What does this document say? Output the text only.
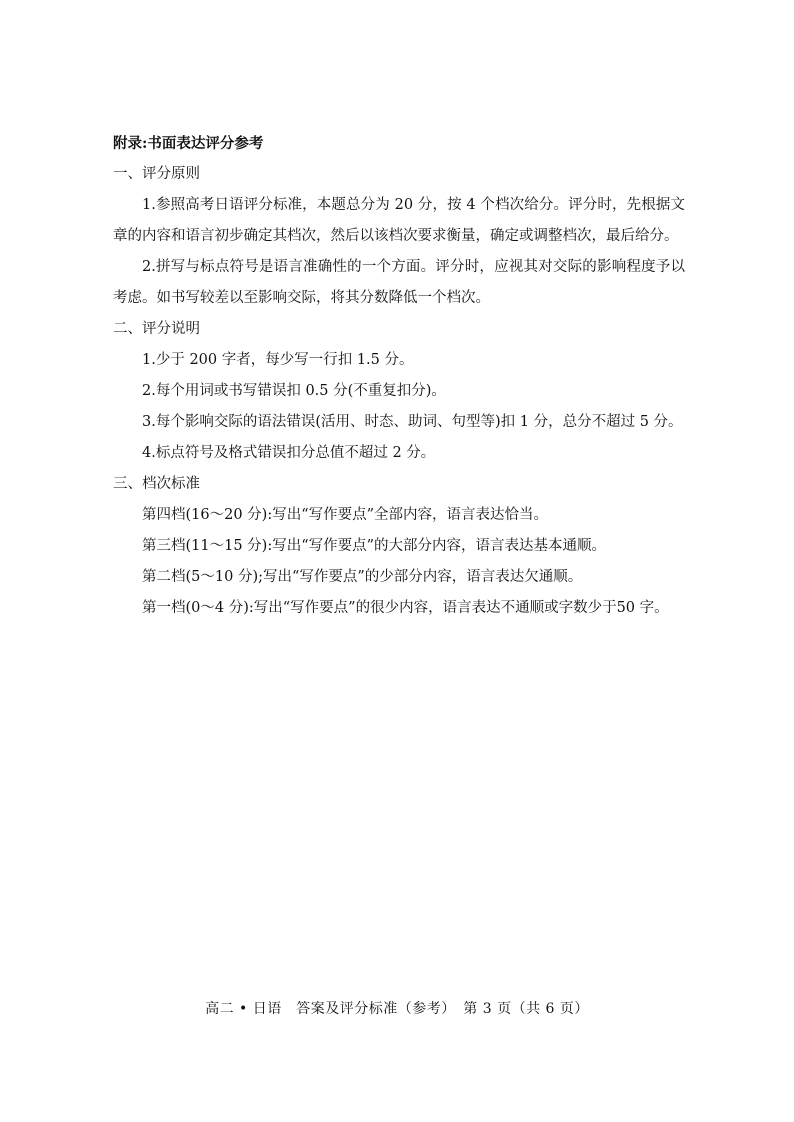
附录:书面表达评分参考

一、评分原则

1.参照高考日语评分标准，本题总分为 20 分，按 4 个档次给分。评分时，先根据文章的内容和语言初步确定其档次，然后以该档次要求衡量，确定或调整档次，最后给分。

2.拼写与标点符号是语言准确性的一个方面。评分时，应视其对交际的影响程度予以考虑。如书写较差以至影响交际，将其分数降低一个档次。

二、评分说明

1.少于 200 字者，每少写一行扣 1.5 分。

2.每个用词或书写错误扣 0.5 分(不重复扣分)。

3.每个影响交际的语法错误(活用、时态、助词、句型等)扣 1 分，总分不超过 5 分。

4.标点符号及格式错误扣分总值不超过 2 分。

三、档次标准

第四档(16～20 分):写出“写作要点”全部内容，语言表达恰当。

第三档(11～15 分):写出“写作要点”的大部分内容，语言表达基本通顺。

第二档(5～10 分);写出“写作要点”的少部分内容，语言表达欠通顺。

第一档(0～4 分):写出“写作要点”的很少内容，语言表达不通顺或字数少于50 字。

高二 • 日语　答案及评分标准（参考）　第 3 页（共 6 页）
